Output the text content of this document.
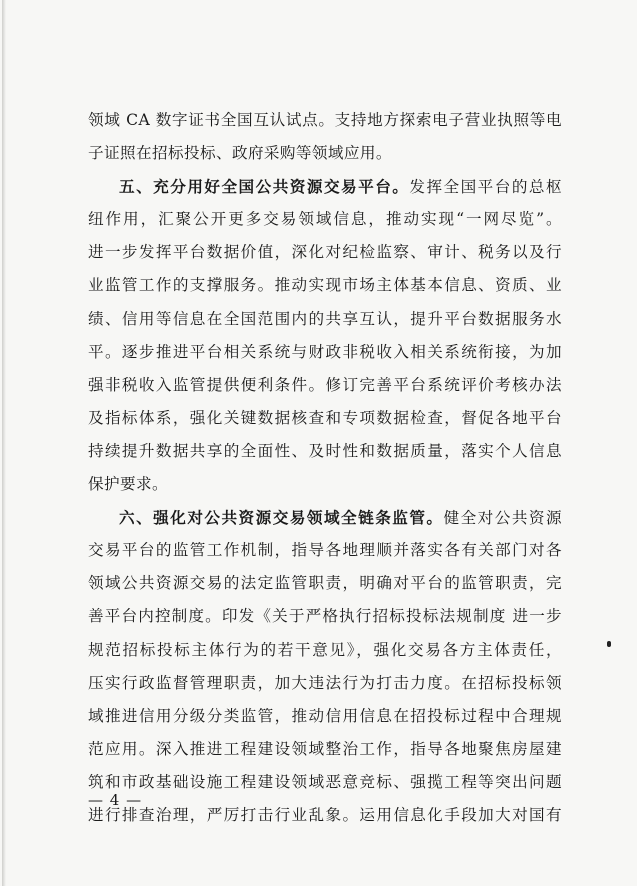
领域 CA 数字证书全国互认试点。支持地方探索电子营业执照等电
子证照在招标投标、政府采购等领域应用。
五、充分用好全国公共资源交易平台。发挥全国平台的总枢
纽作用，汇聚公开更多交易领域信息，推动实现“一网尽览”。
进一步发挥平台数据价值，深化对纪检监察、审计、税务以及行
业监管工作的支撑服务。推动实现市场主体基本信息、资质、业
绩、信用等信息在全国范围内的共享互认，提升平台数据服务水
平。逐步推进平台相关系统与财政非税收入相关系统衔接，为加
强非税收入监管提供便利条件。修订完善平台系统评价考核办法
及指标体系，强化关键数据核查和专项数据检查，督促各地平台
持续提升数据共享的全面性、及时性和数据质量，落实个人信息
保护要求。
六、强化对公共资源交易领域全链条监管。健全对公共资源
交易平台的监管工作机制，指导各地理顺并落实各有关部门对各
领域公共资源交易的法定监管职责，明确对平台的监管职责，完
善平台内控制度。印发《关于严格执行招标投标法规制度 进一步
规范招标投标主体行为的若干意见》，强化交易各方主体责任，
压实行政监督管理职责，加大违法行为打击力度。在招标投标领
域推进信用分级分类监管，推动信用信息在招投标过程中合理规
范应用。深入推进工程建设领域整治工作，指导各地聚焦房屋建
筑和市政基础设施工程建设领域恶意竞标、强揽工程等突出问题
进行排查治理，严厉打击行业乱象。运用信息化手段加大对国有
— 4 —
